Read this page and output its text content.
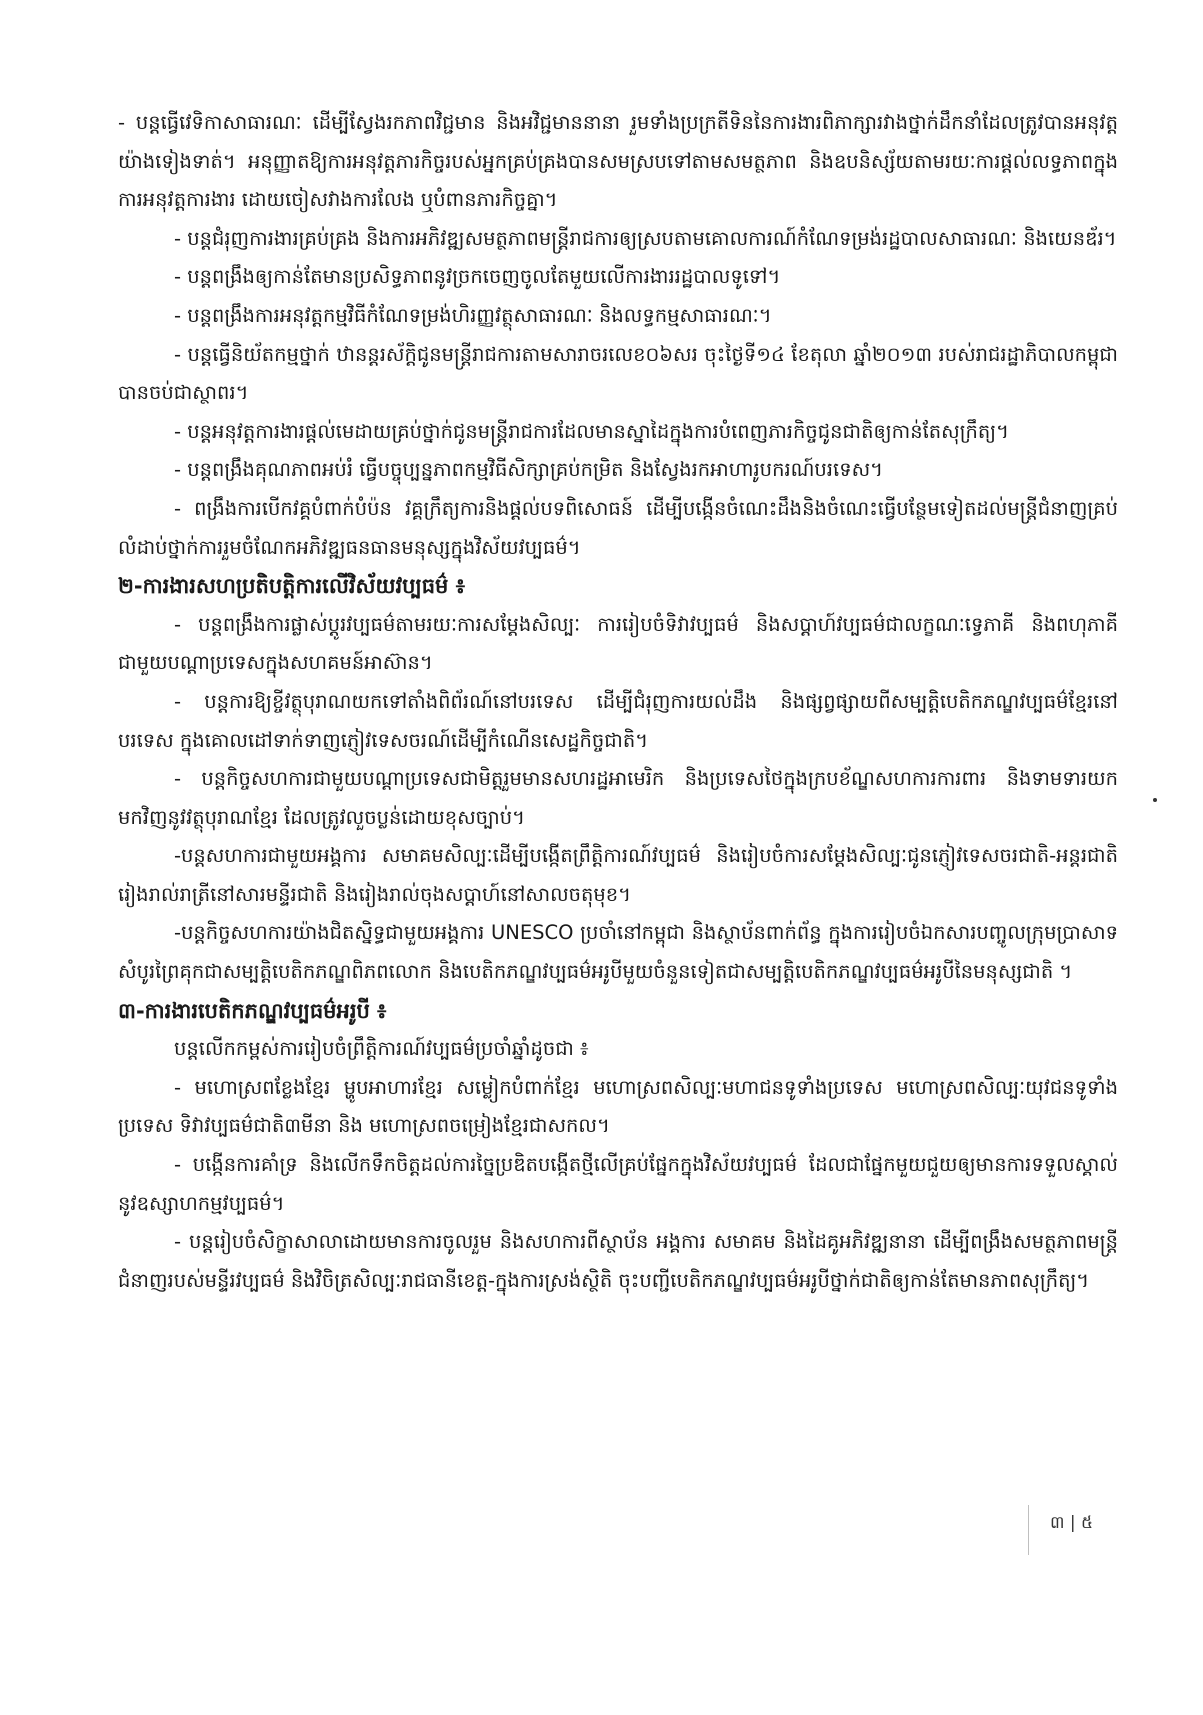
- បន្តធ្វើវេទិកាសាធារណៈ ដើម្បីស្វែងរកភាពវិជ្ជមាន និងអវិជ្ជមាននានា រួមទាំងប្រក្រតីទិននៃការងារពិភាក្សារវាងថ្នាក់ដឹកនាំដែលត្រូវបានអនុវត្តយ៉ាងទៀងទាត់។ អនុញ្ញាតឱ្យការអនុវត្តភារកិច្ចរបស់អ្នកគ្រប់គ្រងបានសមស្របទៅតាមសមត្ថភាព និងឧបនិស្ស័យតាមរយៈការផ្តល់លទ្ធភាពក្នុងការអនុវត្តការងារ ដោយចៀសវាងការលែង ឬបំពានភារកិច្ចគ្នា។

- បន្តជំរុញការងារគ្រប់គ្រង និងការអភិវឌ្ឍសមត្ថភាពមន្ត្រីរាជការឲ្យស្របតាមគោលការណ៍កំណែទម្រង់រដ្ឋបាលសាធារណៈ និងយេនឌ័រ។

- បន្តពង្រឹងឲ្យកាន់តែមានប្រសិទ្ធភាពនូវច្រកចេញចូលតែមួយលើការងាររដ្ឋបាលទូទៅ។

- បន្តពង្រឹងការអនុវត្តកម្មវិធីកំណែទម្រង់ហិរញ្ញវត្ថុសាធារណៈ និងលទ្ធកម្មសាធារណៈ។

- បន្តធ្វើនិយ័តកម្មថ្នាក់ ឋានន្តរស័ក្តិជូនមន្ត្រីរាជការតាមសារាចរលេខ០៦សរ ចុះថ្ងៃទី១៤ ខែតុលា ឆ្នាំ២០១៣ របស់រាជរដ្ឋាភិបាលកម្ពុជាបានចប់ជាស្ថាពរ។

- បន្តអនុវត្តការងារផ្តល់មេដាយគ្រប់ថ្នាក់ជូនមន្ត្រីរាជការដែលមានស្នាដៃក្នុងការបំពេញភារកិច្ចជូនជាតិឲ្យកាន់តែសុក្រឹត្យ។

- បន្តពង្រឹងគុណភាពអប់រំ ធ្វើបច្ចុប្បន្នភាពកម្មវិធីសិក្សាគ្រប់កម្រិត និងស្វែងរកអាហារូបករណ៍បរទេស។

- ពង្រឹងការបើកវគ្គបំពាក់បំប៉ន វគ្គក្រឹត្យការនិងផ្តល់បទពិសោធន៍ ដើម្បីបង្កើនចំណេះដឹងនិងចំណេះធ្វើបន្ថែមទៀតដល់មន្ត្រីជំនាញគ្រប់លំដាប់ថ្នាក់ការរួមចំណែកអភិវឌ្ឍធនធានមនុស្សក្នុងវិស័យវប្បធម៌។

២-ការងារសហប្រតិបត្តិការលើវិស័យវប្បធម៌ ៖

- បន្តពង្រឹងការផ្លាស់ប្តូរវប្បធម៌តាមរយៈការសម្តែងសិល្បៈ ការរៀបចំទិវាវប្បធម៌ និងសប្តាហ៍វប្បធម៌ជាលក្ខណៈទ្វេភាគី និងពហុភាគីជាមួយបណ្តាប្រទេសក្នុងសហគមន៍អាស៊ាន។

- បន្តការឱ្យខ្ចីវត្ថុបុរាណយកទៅតាំងពិព័រណ៍នៅបរទេស ដើម្បីជំរុញការយល់ដឹង និងផ្សព្វផ្សាយពីសម្បត្តិបេតិកភណ្ឌវប្បធម៌ខ្មែរនៅបរទេស ក្នុងគោលដៅទាក់ទាញភ្ញៀវទេសចរណ៍ដើម្បីកំណើនសេដ្ឋកិច្ចជាតិ។

- បន្តកិច្ចសហការជាមួយបណ្តាប្រទេសជាមិត្តរួមមានសហរដ្ឋអាមេរិក និងប្រទេសថៃក្នុងក្របខ័ណ្ឌសហការការពារ និងទាមទារយកមកវិញនូវវត្ថុបុរាណខ្មែរ ដែលត្រូវលួចប្លន់ដោយខុសច្បាប់។

-បន្តសហការជាមួយអង្គការ សមាគមសិល្បៈដើម្បីបង្កើតព្រឹត្តិការណ៍វប្បធម៌ និងរៀបចំការសម្តែងសិល្បៈជូនភ្ញៀវទេសចរជាតិ-អន្តរជាតិរៀងរាល់រាត្រីនៅសារមន្ទីរជាតិ និងរៀងរាល់ចុងសប្តាហ៍នៅសាលចតុមុខ។

-បន្តកិច្ចសហការយ៉ាងជិតស្និទ្ធជាមួយអង្គការ UNESCO ប្រចាំនៅកម្ពុជា និងស្ថាប័នពាក់ព័ន្ធ ក្នុងការរៀបចំឯកសារបញ្ចូលក្រុមប្រាសាទសំបូរព្រៃគុកជាសម្បត្តិបេតិកភណ្ឌពិភពលោក និងបេតិកភណ្ឌវប្បធម៌អរូបីមួយចំនួនទៀតជាសម្បត្តិបេតិកភណ្ឌវប្បធម៌អរូបីនៃមនុស្សជាតិ ។

៣-ការងារបេតិកភណ្ឌវប្បធម៌អរូបី ៖

បន្តលើកកម្ពស់ការរៀបចំព្រឹត្តិការណ៍វប្បធម៌ប្រចាំឆ្នាំដូចជា ៖

- មហោស្រពខ្លែងខ្មែរ ម្ហូបអាហារខ្មែរ សម្លៀកបំពាក់ខ្មែរ មហោស្រពសិល្បៈមហាជនទូទាំងប្រទេស មហោស្រពសិល្បៈយុវជនទូទាំងប្រទេស ទិវាវប្បធម៌ជាតិ៣មីនា និង មហោស្រពចម្រៀងខ្មែរជាសកល។

- បង្កើនការគាំទ្រ និងលើកទឹកចិត្តដល់ការច្នៃប្រឌិតបង្កើតថ្មីលើគ្រប់ផ្នែកក្នុងវិស័យវប្បធម៌ ដែលជាផ្នែកមួយជួយឲ្យមានការទទួលស្គាល់នូវឧស្សាហកម្មវប្បធម៌។

- បន្តរៀបចំសិក្ខាសាលាដោយមានការចូលរួម និងសហការពីស្ថាប័ន អង្គការ សមាគម និងដៃគូអភិវឌ្ឍនានា ដើម្បីពង្រឹងសមត្ថភាពមន្ត្រីជំនាញរបស់មន្ទីរវប្បធម៌ និងវិចិត្រសិល្បៈរាជធានីខេត្ត-ក្នុងការស្រង់ស្ថិតិ ចុះបញ្ជីបេតិកភណ្ឌវប្បធម៌អរូបីថ្នាក់ជាតិឲ្យកាន់តែមានភាពសុក្រឹត្យ។

៣ | ៥
